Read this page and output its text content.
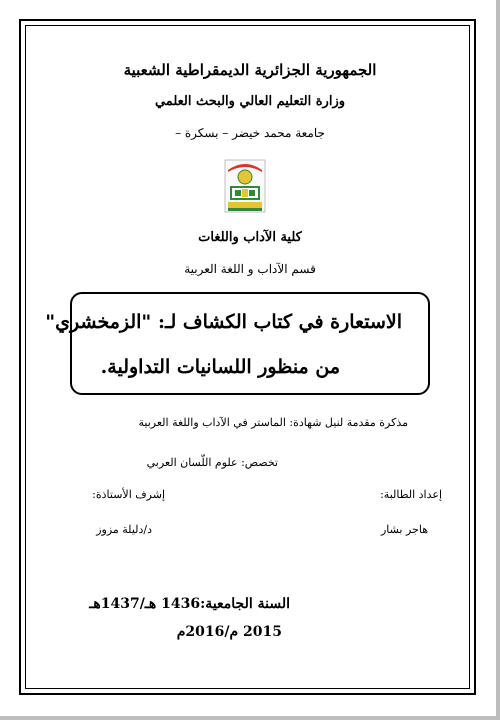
الجمهورية الجزائرية الديمقراطية الشعبية
وزارة التعليم العالي والبحث العلمي
جامعة محمد خيضر – بسكرة –
كلية الآداب واللغات
قسم الآداب و اللغة العربية
الاستعارة في كتاب الكشاف لـ: "الزمخشري"
من منظور اللسانيات التداولية.
مذكرة مقدمة لنيل شهادة: الماستر في الآداب واللغة العربية
تخصص: علوم اللّسان العربي
إعداد الطالبة:
إشرف الأستاذة:
هاجر بشار
د/دليلة مزوز
السنة الجامعية:1436 هـ/1437هـ
2015 م/2016م
